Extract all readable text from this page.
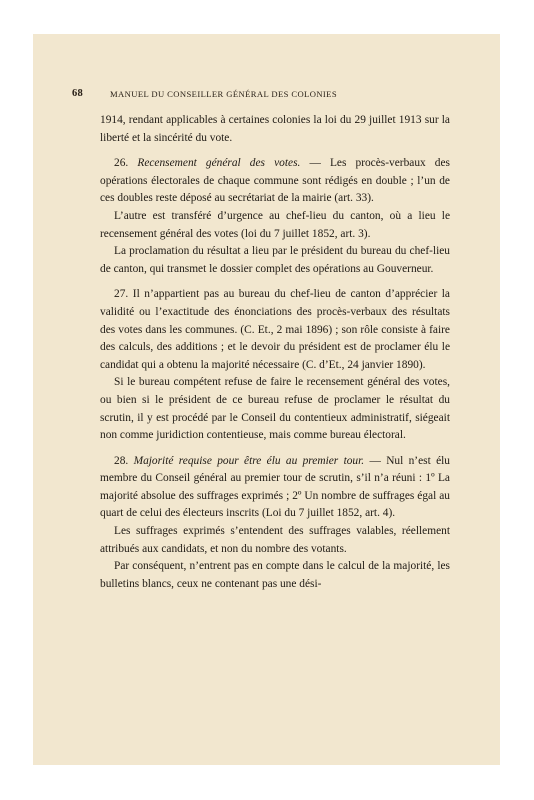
68	MANUEL DU CONSEILLER GÉNÉRAL DES COLONIES

1914, rendant applicables à certaines colonies la loi du 29 juillet 1913 sur la liberté et la sincérité du vote.

26. Recensement général des votes. — Les procès-verbaux des opérations électorales de chaque commune sont rédigés en double ; l’un de ces doubles reste déposé au secrétariat de la mairie (art. 33).

L’autre est transféré d’urgence au chef-lieu du canton, où a lieu le recensement général des votes (loi du 7 juillet 1852, art. 3).

La proclamation du résultat a lieu par le président du bureau du chef-lieu de canton, qui transmet le dossier complet des opérations au Gouverneur.

27. Il n’appartient pas au bureau du chef-lieu de canton d’apprécier la validité ou l’exactitude des énonciations des procès-verbaux des résultats des votes dans les communes. (C. Et., 2 mai 1896) ; son rôle consiste à faire des calculs, des additions ; et le devoir du président est de proclamer élu le candidat qui a obtenu la majorité nécessaire (C. d’Et., 24 janvier 1890).

Si le bureau compétent refuse de faire le recensement général des votes, ou bien si le président de ce bureau refuse de proclamer le résultat du scrutin, il y est procédé par le Conseil du contentieux administratif, siégeait non comme juridiction contentieuse, mais comme bureau électoral.

28. Majorité requise pour être élu au premier tour. — Nul n’est élu membre du Conseil général au premier tour de scrutin, s’il n’a réuni : 1º La majorité absolue des suffrages exprimés ; 2º Un nombre de suffrages égal au quart de celui des électeurs inscrits (Loi du 7 juillet 1852, art. 4).

Les suffrages exprimés s’entendent des suffrages valables, réellement attribués aux candidats, et non du nombre des votants.

Par conséquent, n’entrent pas en compte dans le calcul de la majorité, les bulletins blancs, ceux ne contenant pas une dési-
